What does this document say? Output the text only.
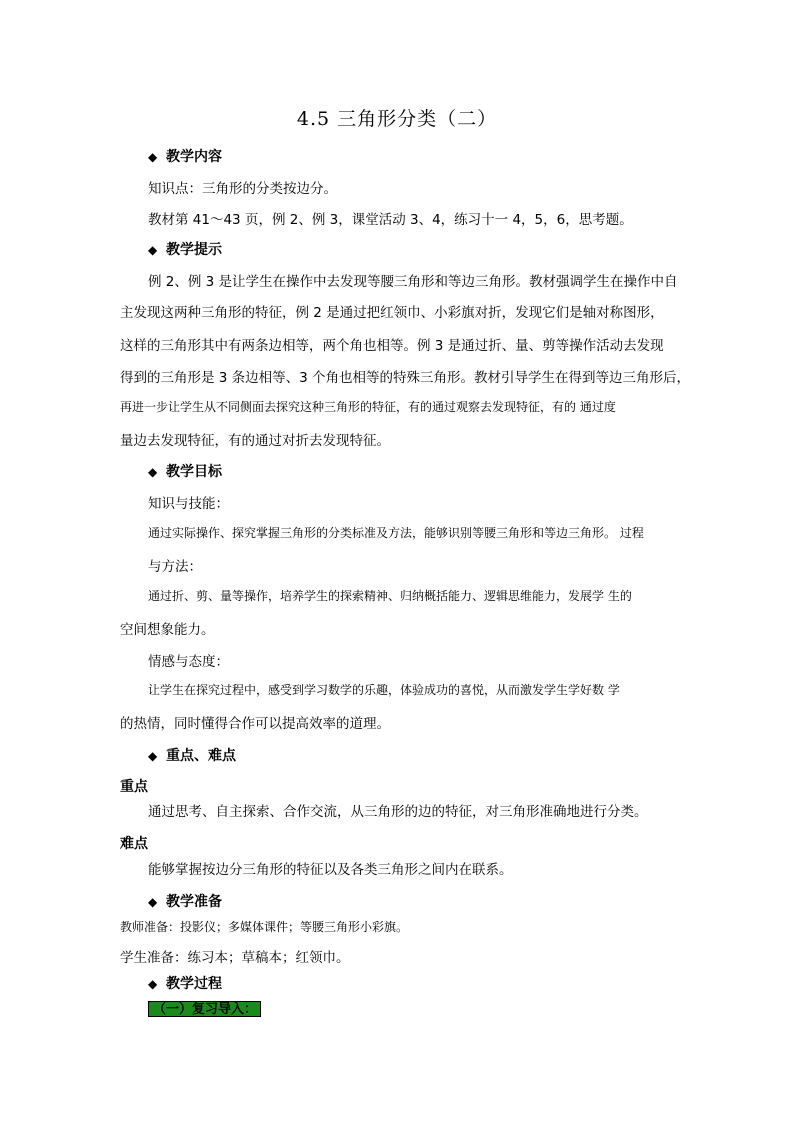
4.5 三角形分类（二）
◆ 教学内容
知识点：三角形的分类按边分。
教材第 41～43 页，例 2、例 3，课堂活动 3、4，练习十一 4，5，6，思考题。
◆ 教学提示
例 2、例 3 是让学生在操作中去发现等腰三角形和等边三角形。教材强调学生在操作中自
主发现这两种三角形的特征，例 2 是通过把红领巾、小彩旗对折，发现它们是轴对称图形，
这样的三角形其中有两条边相等，两个角也相等。例 3 是通过折、量、剪等操作活动去发现
得到的三角形是 3 条边相等、3 个角也相等的特殊三角形。教材引导学生在得到等边三角形后，
再进一步让学生从不同侧面去探究这种三角形的特征，有的通过观察去发现特征，有的 通过度
量边去发现特征，有的通过对折去发现特征。
◆ 教学目标
知识与技能：
通过实际操作、探究掌握三角形的分类标准及方法，能够识别等腰三角形和等边三角形。 过程
与方法：
通过折、剪、量等操作，培养学生的探索精神、归纳概括能力、逻辑思维能力，发展学 生的
空间想象能力。
情感与态度：
让学生在探究过程中，感受到学习数学的乐趣，体验成功的喜悦，从而激发学生学好数 学
的热情，同时懂得合作可以提高效率的道理。
◆ 重点、难点
重点
通过思考、自主探索、合作交流，从三角形的边的特征，对三角形准确地进行分类。
难点
能够掌握按边分三角形的特征以及各类三角形之间内在联系。
◆ 教学准备
教师准备：投影仪；多媒体课件；等腰三角形小彩旗。
学生准备：练习本；草稿本；红领巾。
◆ 教学过程
（一）复习导入：
